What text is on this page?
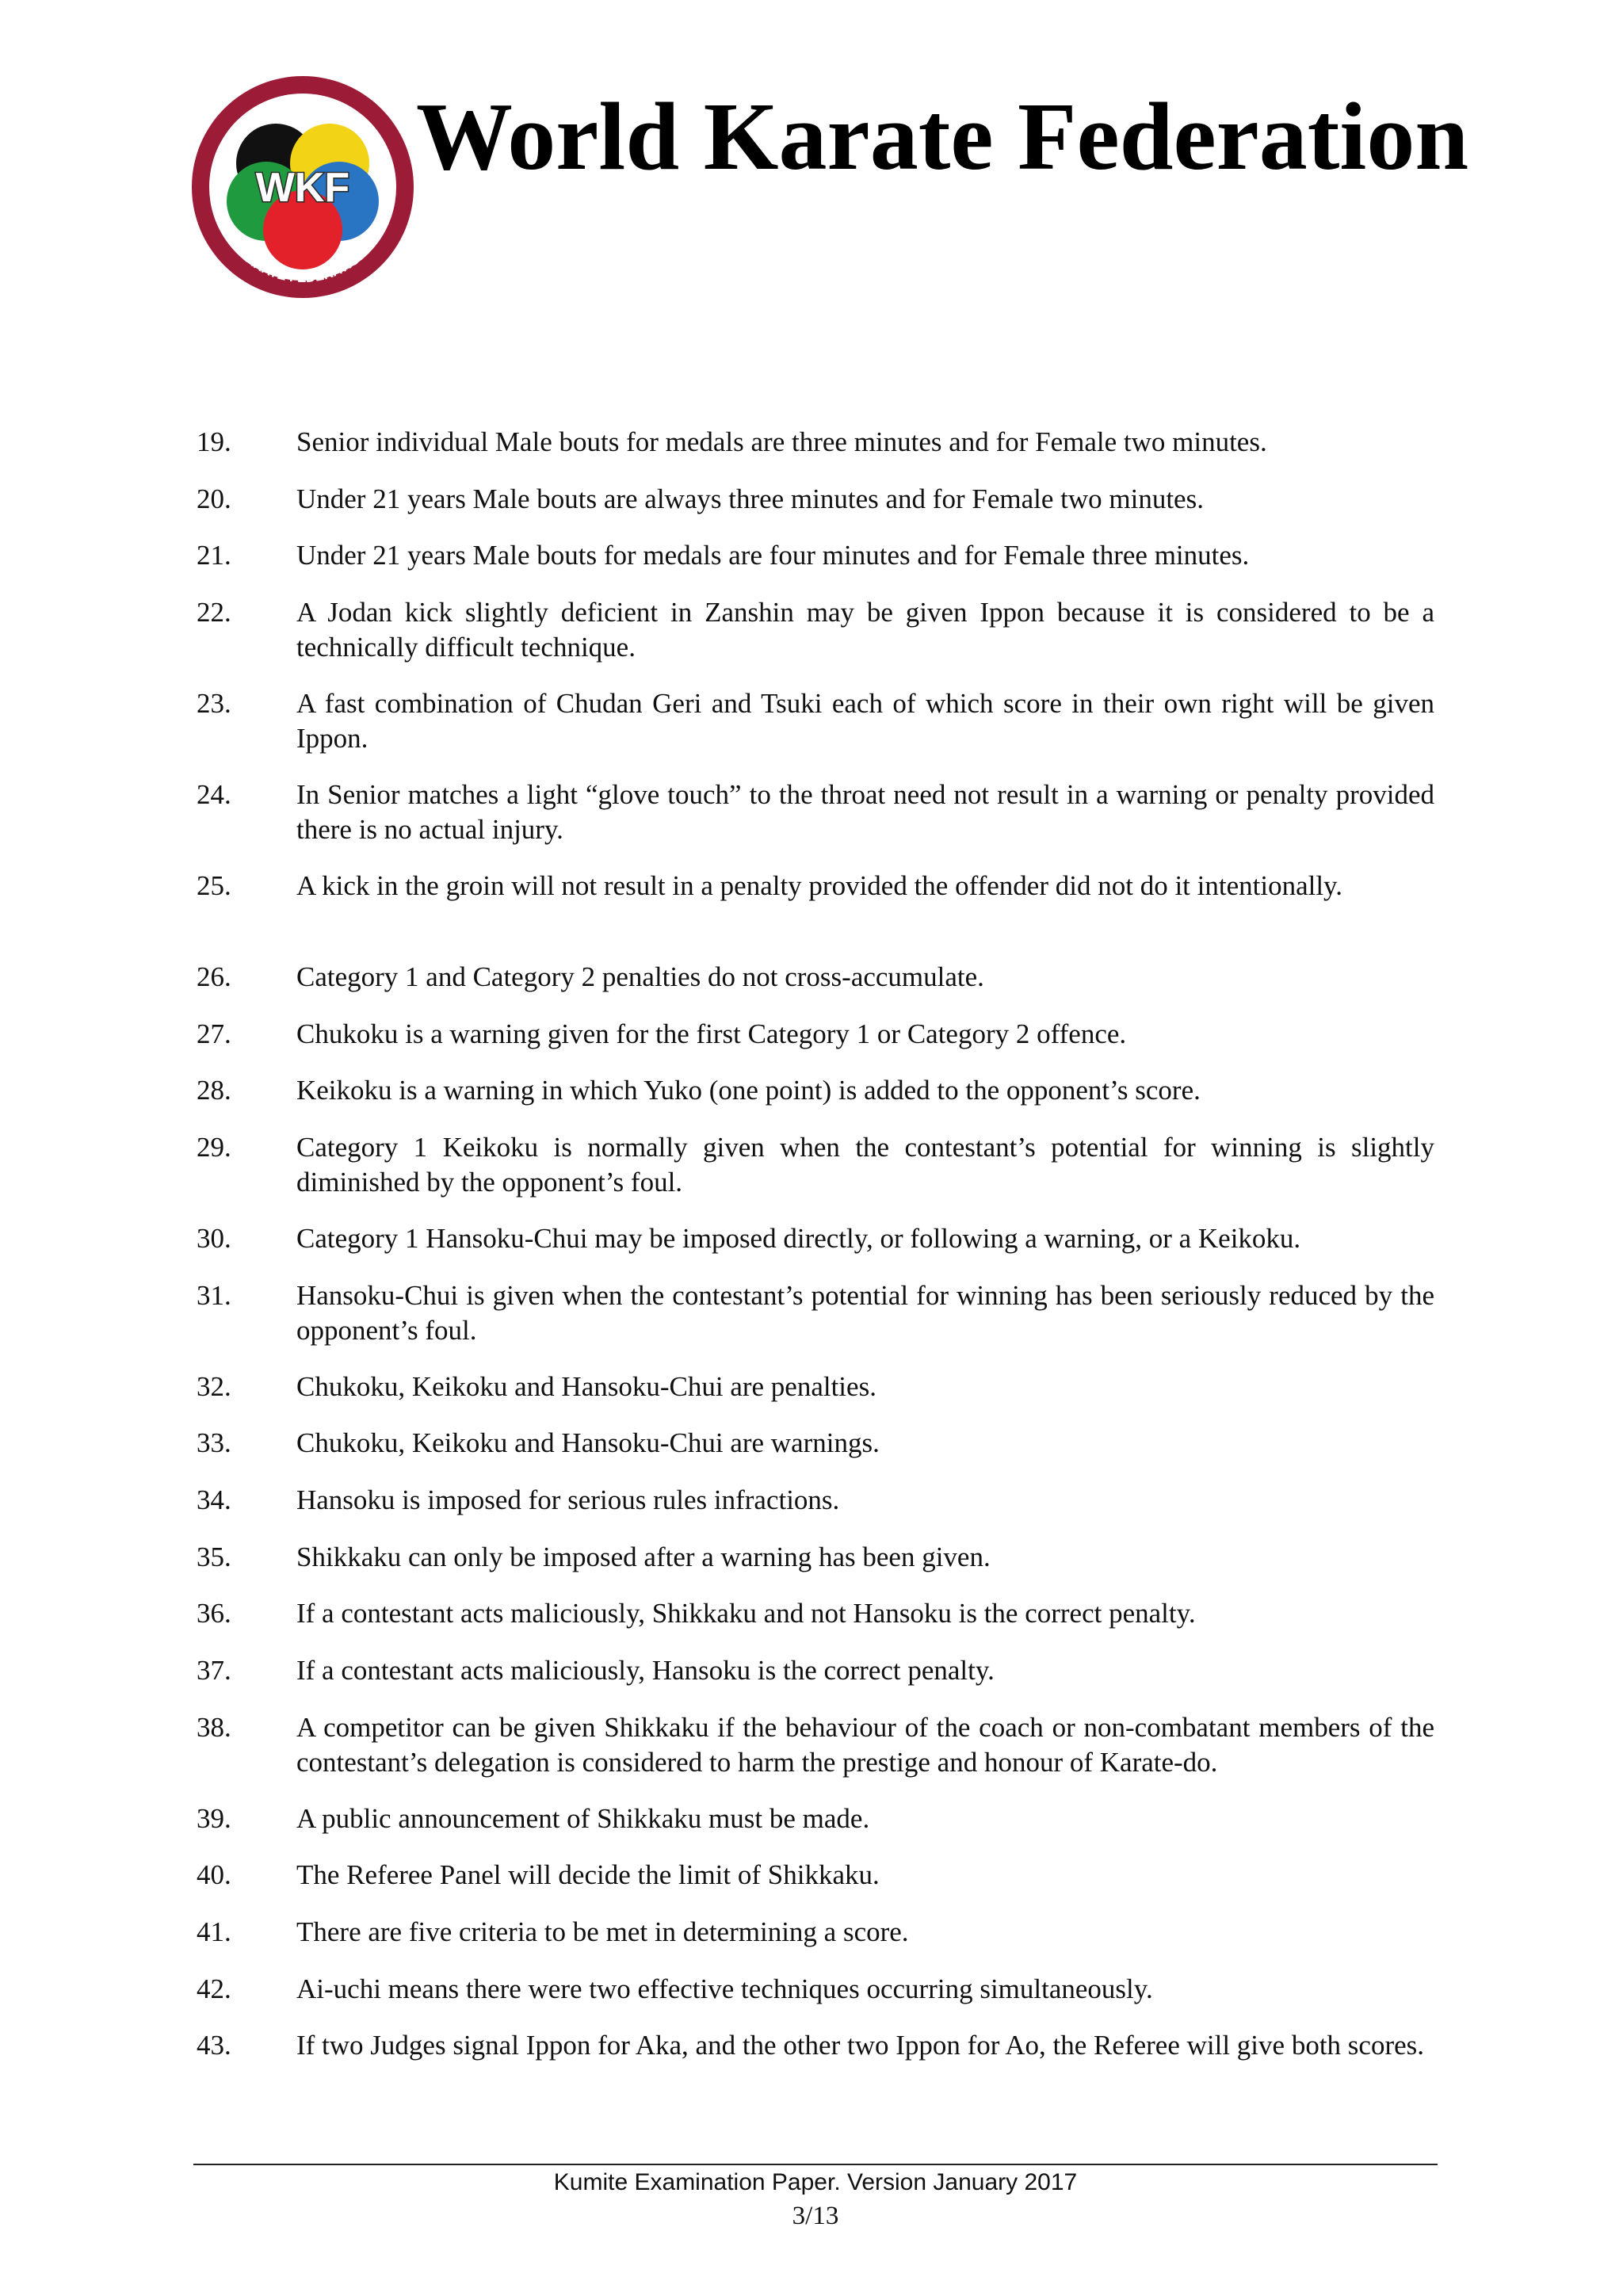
WORLD
KARATE FEDERATION
WKF World Karate Federation
19.	Senior individual Male bouts for medals are three minutes and for Female two minutes.
20.	Under 21 years Male bouts are always three minutes and for Female two minutes.
21.	Under 21 years Male bouts for medals are four minutes and for Female three minutes.
22.	A Jodan kick slightly deficient in Zanshin may be given Ippon because it is considered to be a technically difficult technique.
23.	A fast combination of Chudan Geri and Tsuki each of which score in their own right will be given Ippon.
24.	In Senior matches a light “glove touch” to the throat need not result in a warning or penalty provided there is no actual injury.
25.	A kick in the groin will not result in a penalty provided the offender did not do it intentionally.
26.	Category 1 and Category 2 penalties do not cross-accumulate.
27.	Chukoku is a warning given for the first Category 1 or Category 2 offence.
28.	Keikoku is a warning in which Yuko (one point) is added to the opponent’s score.
29.	Category 1 Keikoku is normally given when the contestant’s potential for winning is slightly diminished by the opponent’s foul.
30.	Category 1 Hansoku-Chui may be imposed directly, or following a warning, or a Keikoku.
31.	Hansoku-Chui is given when the contestant’s potential for winning has been seriously reduced by the opponent’s foul.
32.	Chukoku, Keikoku and Hansoku-Chui are penalties.
33.	Chukoku, Keikoku and Hansoku-Chui are warnings.
34.	Hansoku is imposed for serious rules infractions.
35.	Shikkaku can only be imposed after a warning has been given.
36.	If a contestant acts maliciously, Shikkaku and not Hansoku is the correct penalty.
37.	If a contestant acts maliciously, Hansoku is the correct penalty.
38.	A competitor can be given Shikkaku if the behaviour of the coach or non-combatant members of the contestant’s delegation is considered to harm the prestige and honour of Karate-do.
39.	A public announcement of Shikkaku must be made.
40.	The Referee Panel will decide the limit of Shikkaku.
41.	There are five criteria to be met in determining a score.
42.	Ai-uchi means there were two effective techniques occurring simultaneously.
43.	If two Judges signal Ippon for Aka, and the other two Ippon for Ao, the Referee will give both scores.
Kumite Examination Paper. Version January 2017
3/13
